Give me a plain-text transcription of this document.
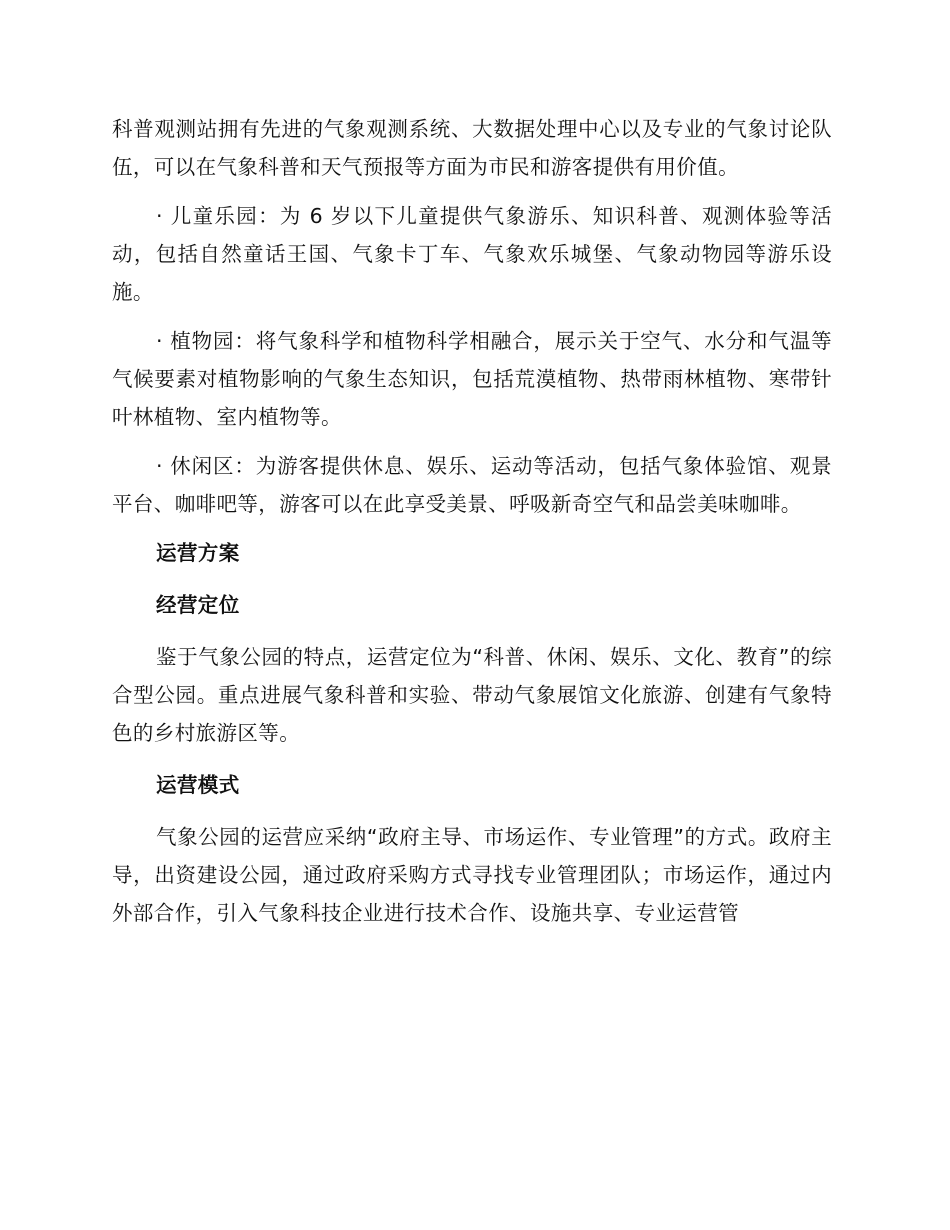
科普观测站拥有先进的气象观测系统、大数据处理中心以及专业的气象讨论队伍，可以在气象科普和天气预报等方面为市民和游客提供有用价值。

· 儿童乐园：为 6 岁以下儿童提供气象游乐、知识科普、观测体验等活动，包括自然童话王国、气象卡丁车、气象欢乐城堡、气象动物园等游乐设施。

· 植物园：将气象科学和植物科学相融合，展示关于空气、水分和气温等气候要素对植物影响的气象生态知识，包括荒漠植物、热带雨林植物、寒带针叶林植物、室内植物等。

· 休闲区：为游客提供休息、娱乐、运动等活动，包括气象体验馆、观景平台、咖啡吧等，游客可以在此享受美景、呼吸新奇空气和品尝美味咖啡。

运营方案
经营定位

鉴于气象公园的特点，运营定位为“科普、休闲、娱乐、文化、教育”的综合型公园。重点进展气象科普和实验、带动气象展馆文化旅游、创建有气象特色的乡村旅游区等。

运营模式

气象公园的运营应采纳“政府主导、市场运作、专业管理”的方式。政府主导，出资建设公园，通过政府采购方式寻找专业管理团队；市场运作，通过内外部合作，引入气象科技企业进行技术合作、设施共享、专业运营管
